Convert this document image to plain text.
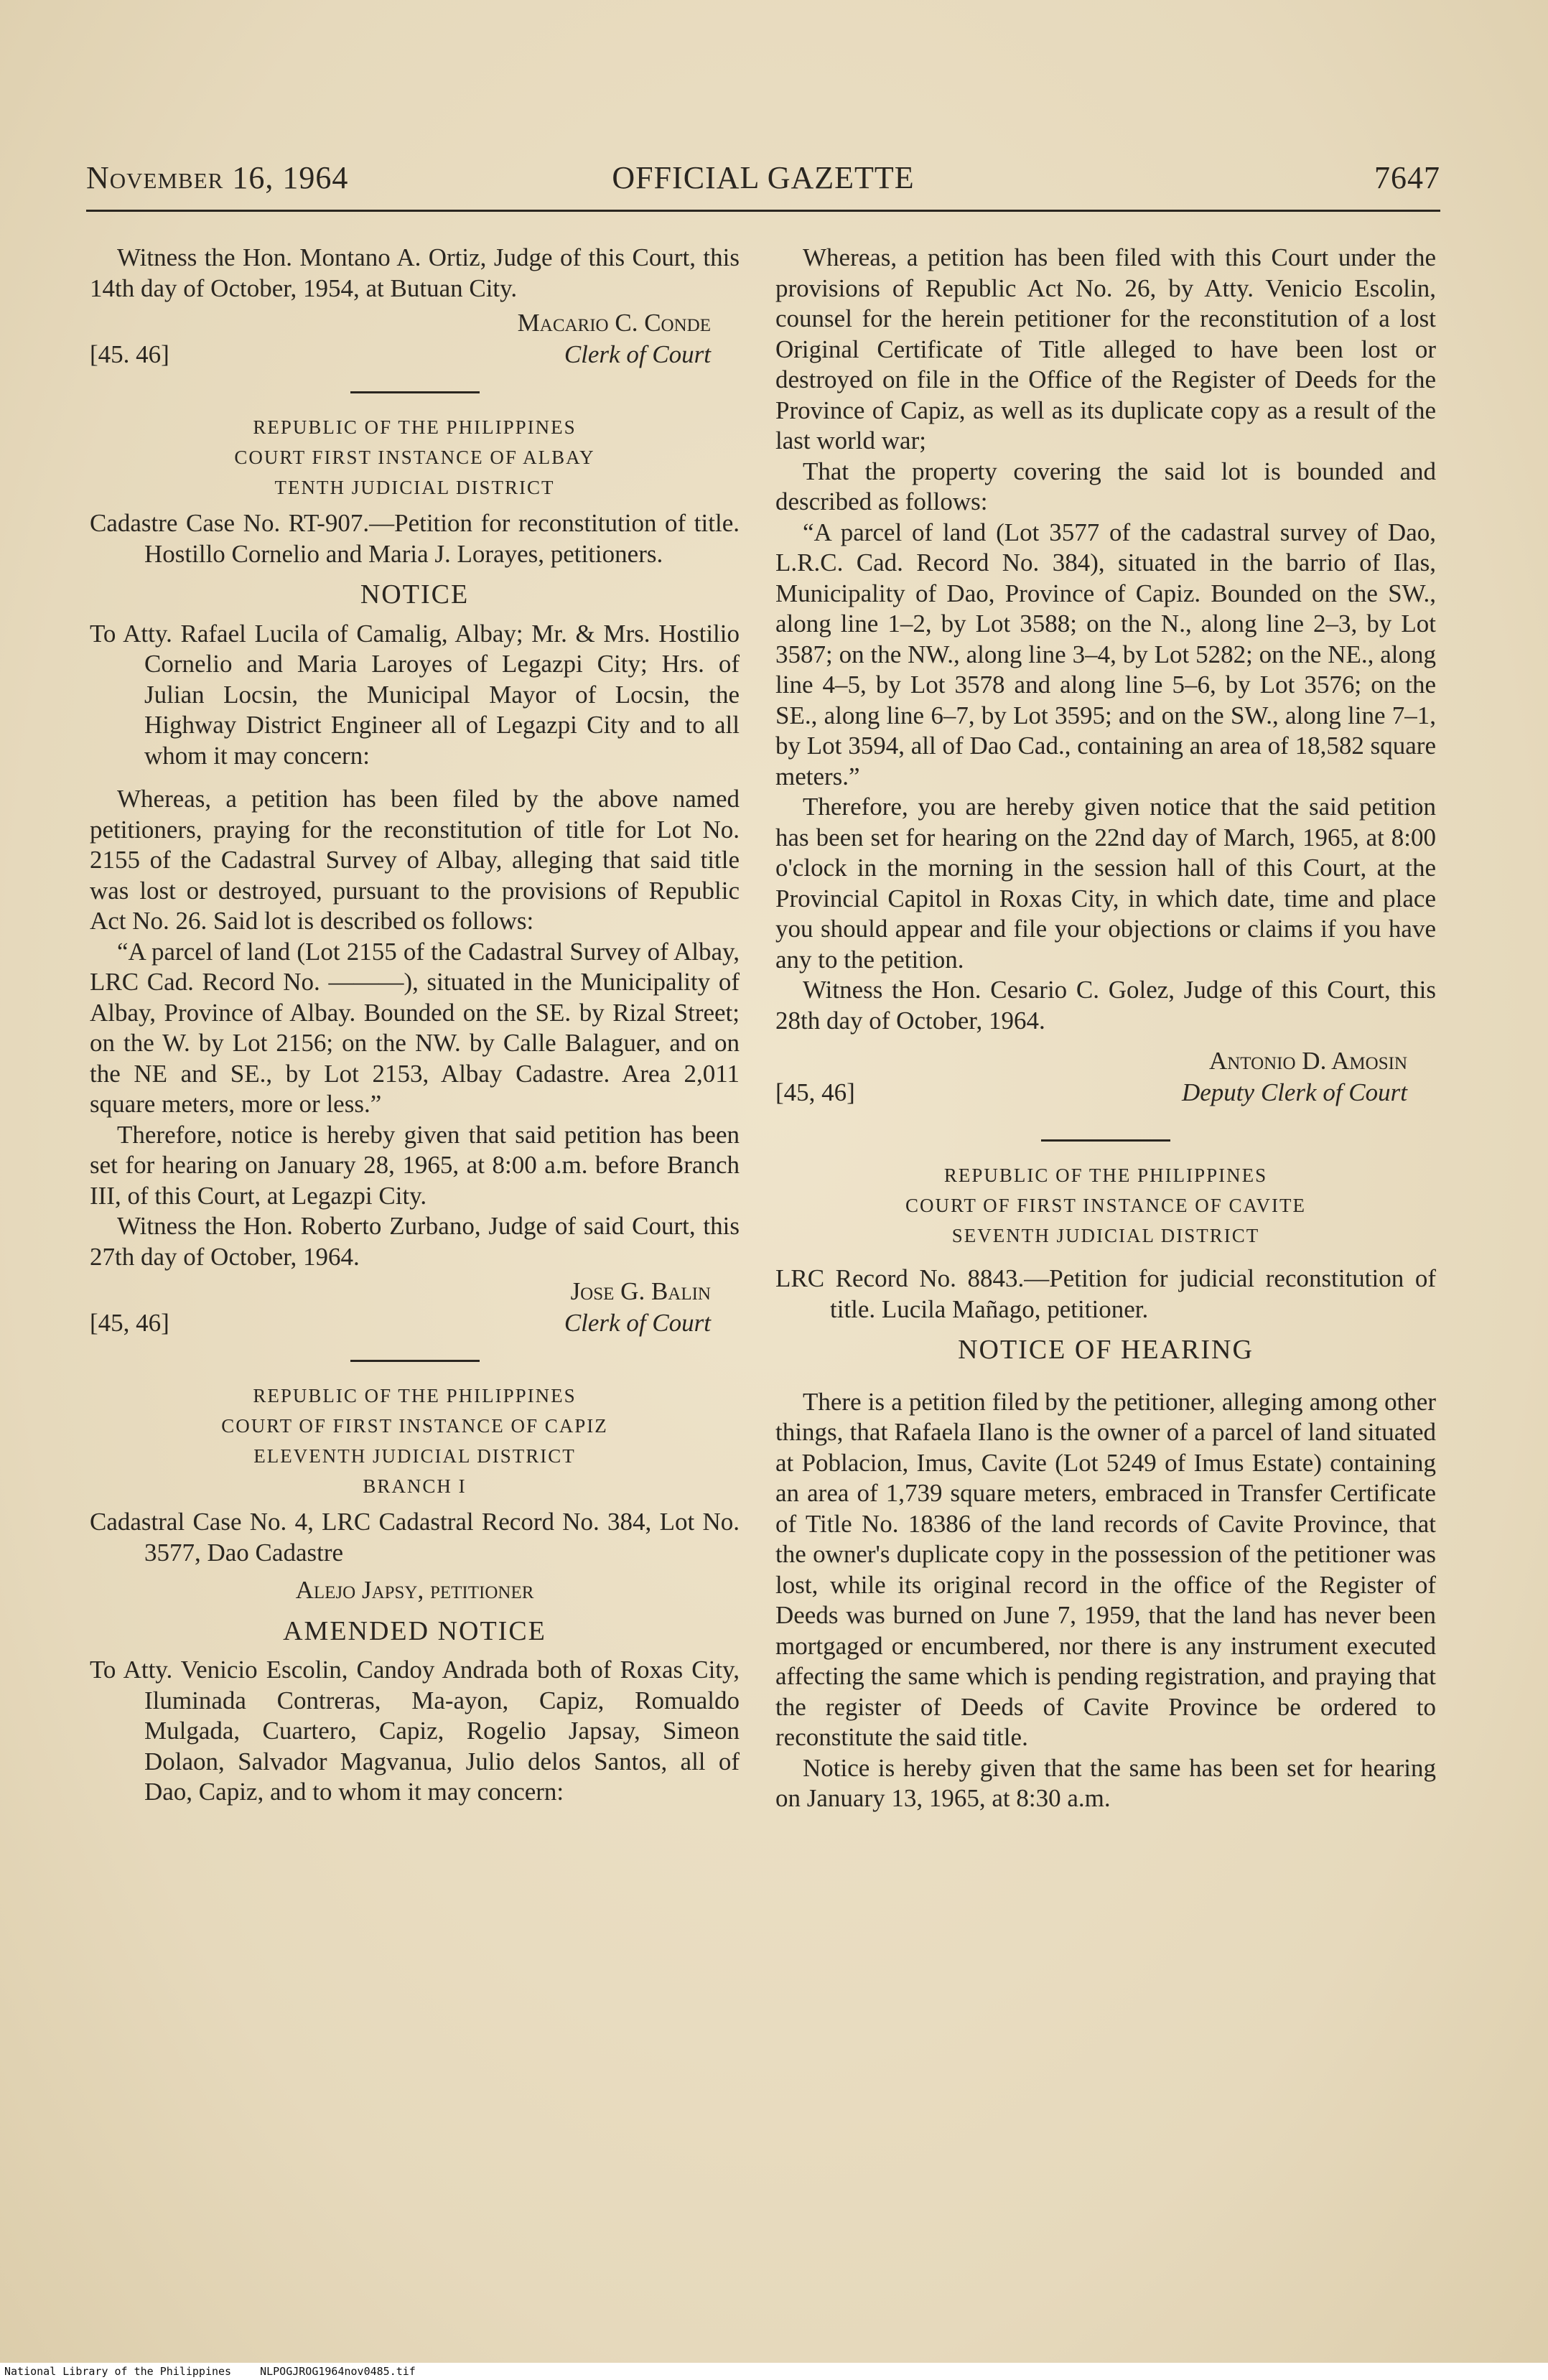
November 16, 1964	OFFICIAL GAZETTE	7647

Witness the Hon. Montano A. Ortiz, Judge of this Court, this 14th day of October, 1954, at Butuan City.

[45. 46]
Macario C. Conde
Clerk of Court
REPUBLIC OF THE PHILIPPINES
COURT FIRST INSTANCE OF ALBAY
TENTH JUDICIAL DISTRICT

Cadastre Case No. RT-907.—Petition for reconstitution of title. Hostillo Cornelio and Maria J. Lorayes, petitioners.

NOTICE

To Atty. Rafael Lucila of Camalig, Albay; Mr. & Mrs. Hostilio Cornelio and Maria Laroyes of Legazpi City; Hrs. of Julian Locsin, the Municipal Mayor of Locsin, the Highway District Engineer all of Legazpi City and to all whom it may concern:

Whereas, a petition has been filed by the above named petitioners, praying for the reconstitution of title for Lot No. 2155 of the Cadastral Survey of Albay, alleging that said title was lost or destroyed, pursuant to the provisions of Republic Act No. 26. Said lot is described os follows:

“A parcel of land (Lot 2155 of the Cadastral Survey of Albay, LRC Cad. Record No. ———), situated in the Municipality of Albay, Province of Albay. Bounded on the SE. by Rizal Street; on the W. by Lot 2156; on the NW. by Calle Balaguer, and on the NE and SE., by Lot 2153, Albay Cadastre. Area 2,011 square meters, more or less.”

Therefore, notice is hereby given that said petition has been set for hearing on January 28, 1965, at 8:00 a.m. before Branch III, of this Court, at Legazpi City.

Witness the Hon. Roberto Zurbano, Judge of said Court, this 27th day of October, 1964.

[45, 46]
Jose G. Balin
Clerk of Court
REPUBLIC OF THE PHILIPPINES
COURT OF FIRST INSTANCE OF CAPIZ
ELEVENTH JUDICIAL DISTRICT
BRANCH I

Cadastral Case No. 4, LRC Cadastral Record No. 384, Lot No. 3577, Dao Cadastre

Alejo Japsy, petitioner

AMENDED NOTICE

To Atty. Venicio Escolin, Candoy Andrada both of Roxas City, Iluminada Contreras, Ma-ayon, Capiz, Romualdo Mulgada, Cuartero, Capiz, Rogelio Japsay, Simeon Dolaon, Salvador Magvanua, Julio delos Santos, all of Dao, Capiz, and to whom it may concern:

Whereas, a petition has been filed with this Court under the provisions of Republic Act No. 26, by Atty. Venicio Escolin, counsel for the herein petitioner for the reconstitution of a lost Original Certificate of Title alleged to have been lost or destroyed on file in the Office of the Register of Deeds for the Province of Capiz, as well as its duplicate copy as a result of the last world war;

That the property covering the said lot is bounded and described as follows:

“A parcel of land (Lot 3577 of the cadastral survey of Dao, L.R.C. Cad. Record No. 384), situated in the barrio of Ilas, Municipality of Dao, Province of Capiz. Bounded on the SW., along line 1–2, by Lot 3588; on the N., along line 2–3, by Lot 3587; on the NW., along line 3–4, by Lot 5282; on the NE., along line 4–5, by Lot 3578 and along line 5–6, by Lot 3576; on the SE., along line 6–7, by Lot 3595; and on the SW., along line 7–1, by Lot 3594, all of Dao Cad., containing an area of 18,582 square meters.”

Therefore, you are hereby given notice that the said petition has been set for hearing on the 22nd day of March, 1965, at 8:00 o'clock in the morning in the session hall of this Court, at the Provincial Capitol in Roxas City, in which date, time and place you should appear and file your objections or claims if you have any to the petition.

Witness the Hon. Cesario C. Golez, Judge of this Court, this 28th day of October, 1964.

[45, 46]
Antonio D. Amosin
Deputy Clerk of Court
REPUBLIC OF THE PHILIPPINES
COURT OF FIRST INSTANCE OF CAVITE
SEVENTH JUDICIAL DISTRICT

LRC Record No. 8843.—Petition for judicial reconstitution of title. Lucila Mañago, petitioner.

NOTICE OF HEARING

There is a petition filed by the petitioner, alleging among other things, that Rafaela Ilano is the owner of a parcel of land situated at Poblacion, Imus, Cavite (Lot 5249 of Imus Estate) containing an area of 1,739 square meters, embraced in Transfer Certificate of Title No. 18386 of the land records of Cavite Province, that the owner's duplicate copy in the possession of the petitioner was lost, while its original record in the office of the Register of Deeds was burned on June 7, 1959, that the land has never been mortgaged or encumbered, nor there is any instrument executed affecting the same which is pending registration, and praying that the register of Deeds of Cavite Province be ordered to reconstitute the said title.

Notice is hereby given that the same has been set for hearing on January 13, 1965, at 8:30 a.m.

National Library of the Philippines	NLPOGJROG1964nov0485.tif
